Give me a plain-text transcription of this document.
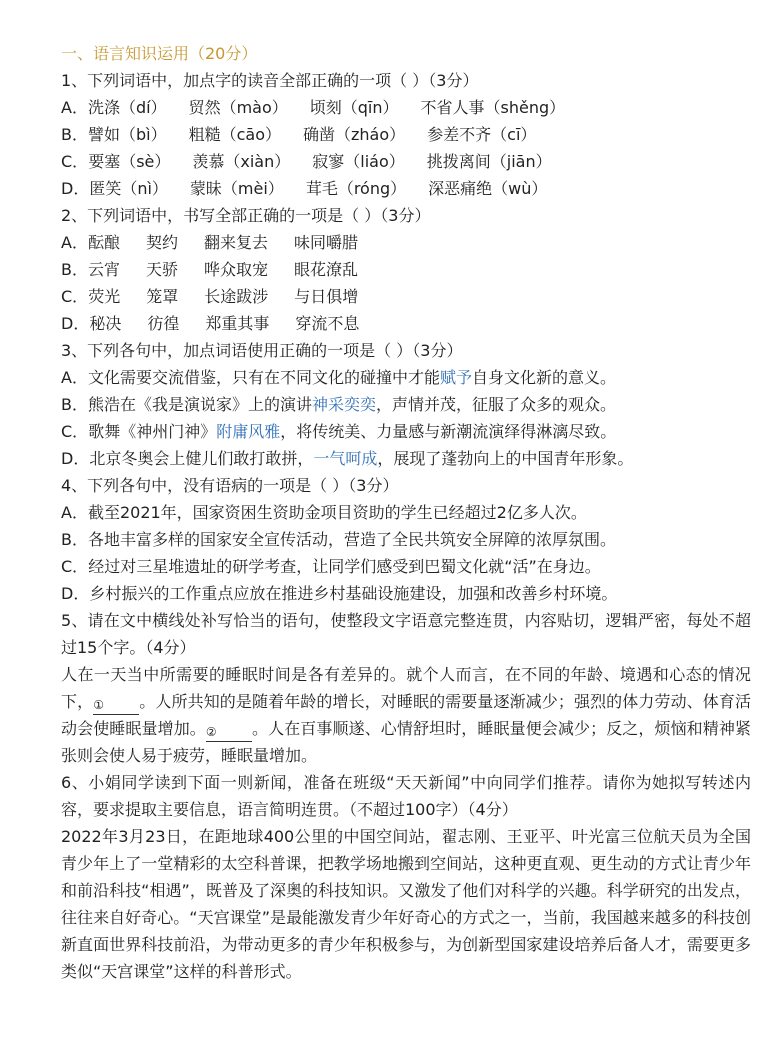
一、语言知识运用（20分）
1、下列词语中，加点字的读音全部正确的一项（ ）（3分）
A．洗涤（dí） 贸然（mào） 顷刻（qīn） 不省人事（shěng）
B．譬如（bì） 粗糙（cāo） 确凿（zháo） 参差不齐（cī）
C．要塞（sè） 羡慕（xiàn） 寂寥（liáo） 挑拨离间（jiān）
D．匿笑（nì） 蒙昧（mèi） 茸毛（róng） 深恶痛绝（wù）
2、下列词语中，书写全部正确的一项是（ ）（3分）
A．酝酿 契约 翻来复去 味同嚼腊
B．云宵 天骄 哗众取宠 眼花潦乱
C．荧光 笼罩 长途跋涉 与日俱增
D．秘决 彷徨 郑重其事 穿流不息
3、下列各句中，加点词语使用正确的一项是（ ）（3分）
A．文化需要交流借鉴，只有在不同文化的碰撞中才能赋予自身文化新的意义。
B．熊浩在《我是演说家》上的演讲神采奕奕，声情并茂，征服了众多的观众。
C．歌舞《神州门神》附庸风雅，将传统美、力量感与新潮流演绎得淋漓尽致。
D．北京冬奥会上健儿们敢打敢拼，一气呵成，展现了蓬勃向上的中国青年形象。
4、下列各句中，没有语病的一项是（ ）（3分）
A．截至2021年，国家资困生资助金项目资助的学生已经超过2亿多人次。
B．各地丰富多样的国家安全宣传活动，营造了全民共筑安全屏障的浓厚氛围。
C．经过对三星堆遗址的研学考查，让同学们感受到巴蜀文化就“活”在身边。
D．乡村振兴的工作重点应放在推进乡村基础设施建设，加强和改善乡村环境。
5、请在文中横线处补写恰当的语句，使整段文字语意完整连贯，内容贴切，逻辑严密，每处不超过15个字。（4分）
人在一天当中所需要的睡眠时间是各有差异的。就个人而言，在不同的年龄、境遇和心态的情况下，① 。人所共知的是随着年龄的增长，对睡眠的需要量逐渐减少；强烈的体力劳动、体育活动会使睡眠量增加。② 。人在百事顺遂、心情舒坦时，睡眠量便会减少；反之，烦恼和精神紧张则会使人易于疲劳，睡眠量增加。
6、小娟同学读到下面一则新闻，准备在班级“天天新闻”中向同学们推荐。请你为她拟写转述内容，要求提取主要信息，语言简明连贯。（不超过100字）（4分）
2022年3月23日，在距地球400公里的中国空间站，翟志刚、王亚平、叶光富三位航天员为全国青少年上了一堂精彩的太空科普课，把教学场地搬到空间站，这种更直观、更生动的方式让青少年和前沿科技“相遇”，既普及了深奥的科技知识。又激发了他们对科学的兴趣。科学研究的出发点，往往来自好奇心。“天宫课堂”是最能激发青少年好奇心的方式之一，当前，我国越来越多的科技创新直面世界科技前沿，为带动更多的青少年积极参与，为创新型国家建设培养后备人才，需要更多类似“天宫课堂”这样的科普形式。
